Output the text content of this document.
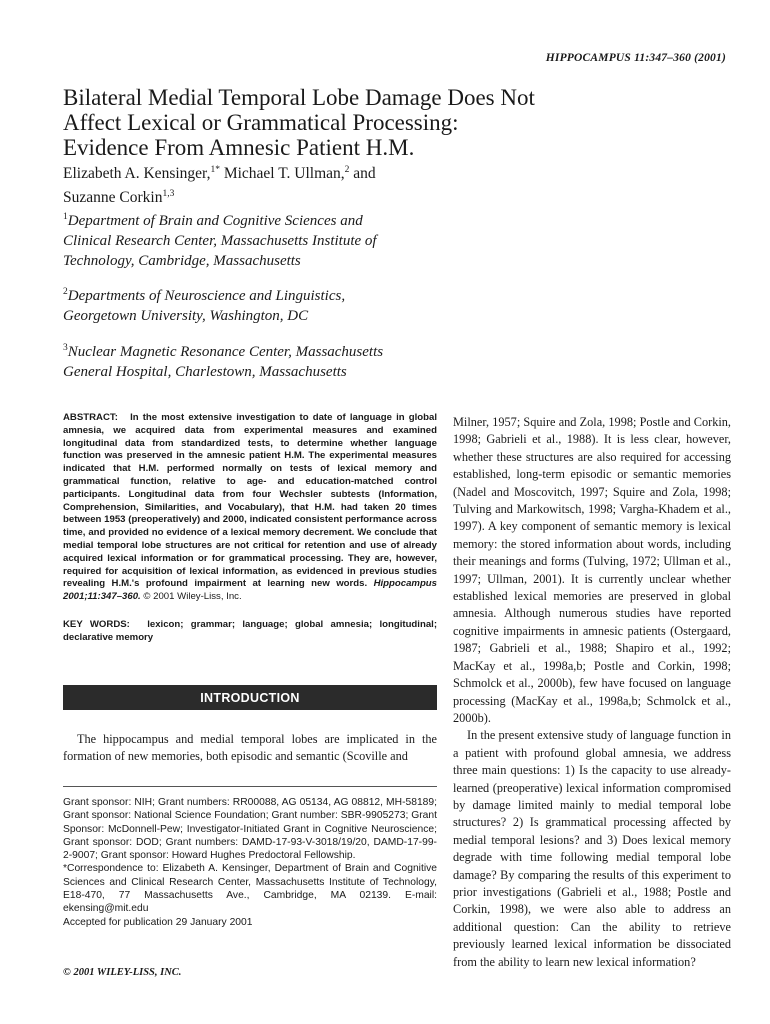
HIPPOCAMPUS 11:347–360 (2001)
Bilateral Medial Temporal Lobe Damage Does Not
Affect Lexical or Grammatical Processing:
Evidence From Amnesic Patient H.M.
Elizabeth A. Kensinger,$^{1*}$ Michael T. Ullman,$^2$ and
Suzanne Corkin$^{1,3}$
$^1$Department of Brain and Cognitive Sciences and
Clinical Research Center, Massachusetts Institute of
Technology, Cambridge, Massachusetts
$^2$Departments of Neuroscience and Linguistics,
Georgetown University, Washington, DC
$^3$Nuclear Magnetic Resonance Center, Massachusetts
General Hospital, Charlestown, Massachusetts
ABSTRACT: In the most extensive investigation to date of language in global amnesia, we acquired data from experimental measures and examined longitudinal data from standardized tests, to determine whether language function was preserved in the amnesic patient H.M. The experimental measures indicated that H.M. performed normally on tests of lexical memory and grammatical function, relative to age- and education-matched control participants. Longitudinal data from four Wechsler subtests (Information, Comprehension, Similarities, and Vocabulary), that H.M. had taken 20 times between 1953 (preoperatively) and 2000, indicated consistent performance across time, and provided no evidence of a lexical memory decrement. We conclude that medial temporal lobe structures are not critical for retention and use of already acquired lexical information or for grammatical processing. They are, however, required for acquisition of lexical information, as evidenced in previous studies revealing H.M.'s profound impairment at learning new words. Hippocampus 2001;11:347–360. © 2001 Wiley-Liss, Inc.
KEY WORDS: lexicon; grammar; language; global amnesia; longitudinal; declarative memory
INTRODUCTION
The hippocampus and medial temporal lobes are implicated in the formation of new memories, both episodic and semantic (Scoville and

Grant sponsor: NIH; Grant numbers: RR00088, AG 05134, AG 08812, MH-58189; Grant sponsor: National Science Foundation; Grant number: SBR-9905273; Grant Sponsor: McDonnell-Pew; Investigator-Initiated Grant in Cognitive Neuroscience; Grant sponsor: DOD; Grant numbers: DAMD-17-93-V-3018/19/20, DAMD-17-99-2-9007; Grant sponsor: Howard Hughes Predoctoral Fellowship.

*Correspondence to: Elizabeth A. Kensinger, Department of Brain and Cognitive Sciences and Clinical Research Center, Massachusetts Institute of Technology, E18-470, 77 Massachusetts Ave., Cambridge, MA 02139. E-mail: ekensing@mit.edu

Accepted for publication 29 January 2001

© 2001 WILEY-LISS, INC.

Milner, 1957; Squire and Zola, 1998; Postle and Corkin, 1998; Gabrieli et al., 1988). It is less clear, however, whether these structures are also required for accessing established, long-term episodic or semantic memories (Nadel and Moscovitch, 1997; Squire and Zola, 1998; Tulving and Markowitsch, 1998; Vargha-Khadem et al., 1997). A key component of semantic memory is lexical memory: the stored information about words, including their meanings and forms (Tulving, 1972; Ullman et al., 1997; Ullman, 2001). It is currently unclear whether established lexical memories are preserved in global amnesia. Although numerous studies have reported cognitive impairments in amnesic patients (Ostergaard, 1987; Gabrieli et al., 1988; Shapiro et al., 1992; MacKay et al., 1998a,b; Postle and Corkin, 1998; Schmolck et al., 2000b), few have focused on language processing (MacKay et al., 1998a,b; Schmolck et al., 2000b).

In the present extensive study of language function in a patient with profound global amnesia, we address three main questions: 1) Is the capacity to use already-learned (preoperative) lexical information compromised by damage limited mainly to medial temporal lobe structures? 2) Is grammatical processing affected by medial temporal lesions? and 3) Does lexical memory degrade with time following medial temporal lobe damage? By comparing the results of this experiment to prior investigations (Gabrieli et al., 1988; Postle and Corkin, 1998), we were also able to address an additional question: Can the ability to retrieve previously learned lexical information be dissociated from the ability to learn new lexical information?
